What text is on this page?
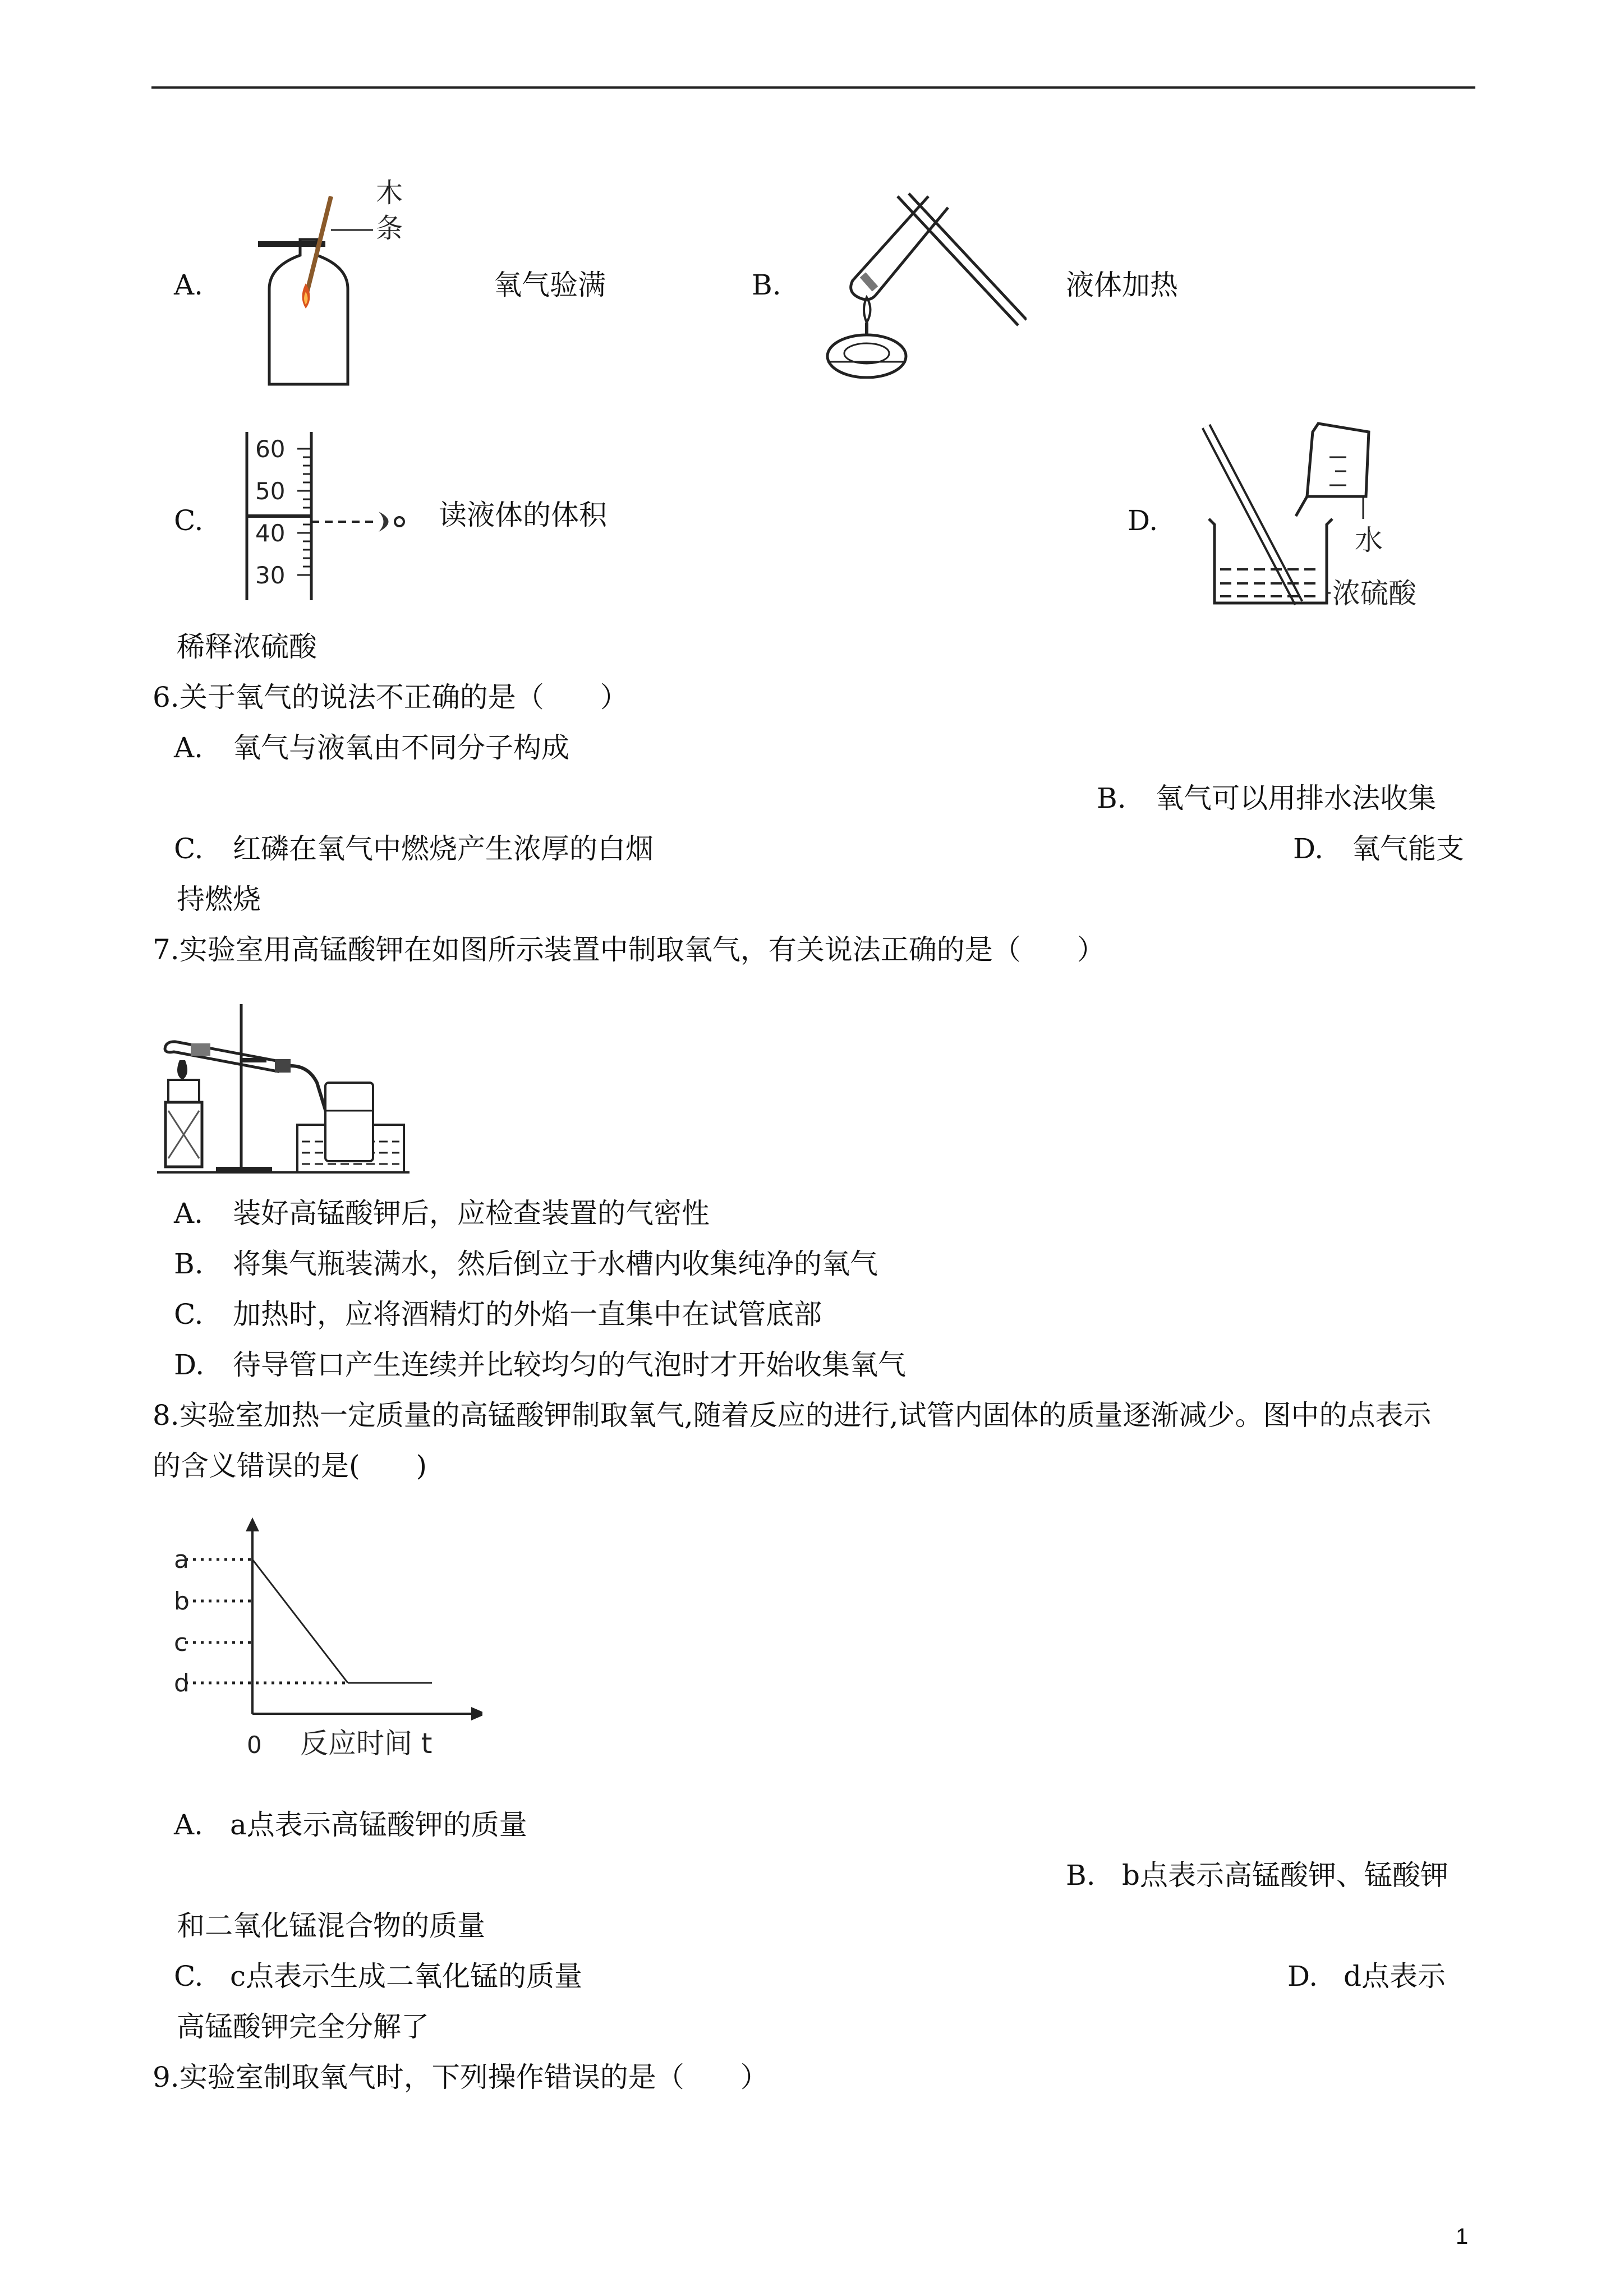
A.
木
条
氧气验满	B.	液体加热
C.
60
50
40
30
读液体的体积	D.
水
浓硫酸
稀释浓硫酸
6.关于氧气的说法不正确的是（　　）
A. 氧气与液氧由不同分子构成
B. 氧气可以用排水法收集
C. 红磷在氧气中燃烧产生浓厚的白烟	D. 氧气能支
持燃烧
7.实验室用高锰酸钾在如图所示装置中制取氧气，有关说法正确的是（　　）
A. 装好高锰酸钾后，应检查装置的气密性
B. 将集气瓶装满水，然后倒立于水槽内收集纯净的氧气
C. 加热时，应将酒精灯的外焰一直集中在试管底部
D. 待导管口产生连续并比较均匀的气泡时才开始收集氧气
8.实验室加热一定质量的高锰酸钾制取氧气,随着反应的进行,试管内固体的质量逐渐减少。图中的点表示
的含义错误的是(　　)
a
b
c
d
0 反应时间 t
A. a点表示高锰酸钾的质量
B. b点表示高锰酸钾、锰酸钾
和二氧化锰混合物的质量
C. c点表示生成二氧化锰的质量	D. d点表示
高锰酸钾完全分解了
9.实验室制取氧气时，下列操作错误的是（　　）
1
